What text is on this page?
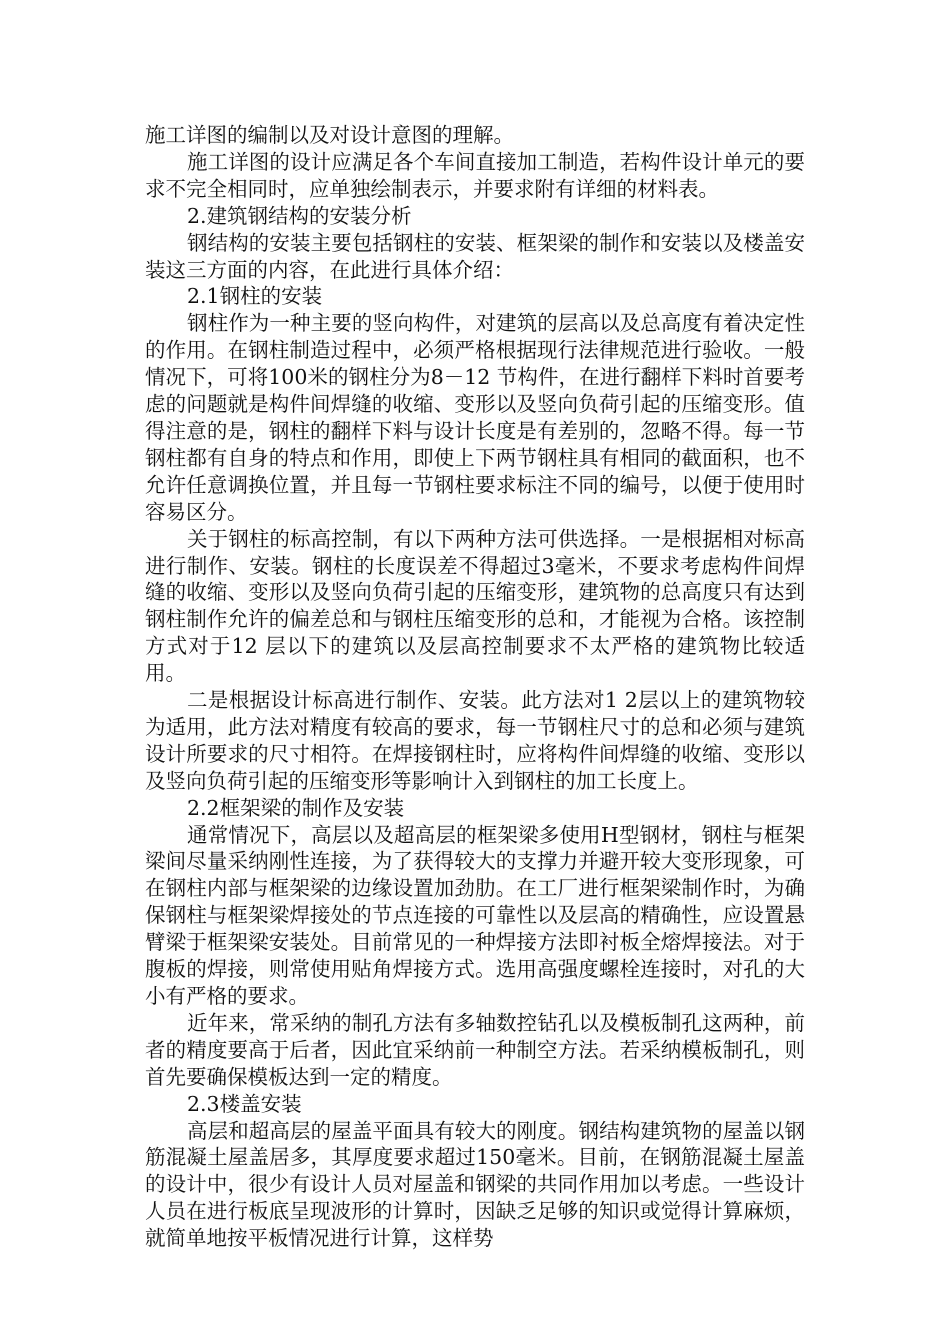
施工详图的编制以及对设计意图的理解。

施工详图的设计应满足各个车间直接加工制造，若构件设计单元的要求不完全相同时，应单独绘制表示，并要求附有详细的材料表。

2.建筑钢结构的安装分析

钢结构的安装主要包括钢柱的安装、框架梁的制作和安装以及楼盖安装这三方面的内容，在此进行具体介绍：

2.1钢柱的安装

钢柱作为一种主要的竖向构件，对建筑的层高以及总高度有着决定性的作用。在钢柱制造过程中，必须严格根据现行法律规范进行验收。一般情况下，可将100米的钢柱分为8－12 节构件，在进行翻样下料时首要考虑的问题就是构件间焊缝的收缩、变形以及竖向负荷引起的压缩变形。值得注意的是，钢柱的翻样下料与设计长度是有差别的，忽略不得。每一节钢柱都有自身的特点和作用，即使上下两节钢柱具有相同的截面积，也不允许任意调换位置，并且每一节钢柱要求标注不同的编号，以便于使用时容易区分。

关于钢柱的标高控制，有以下两种方法可供选择。一是根据相对标高进行制作、安装。钢柱的长度误差不得超过3毫米，不要求考虑构件间焊缝的收缩、变形以及竖向负荷引起的压缩变形，建筑物的总高度只有达到钢柱制作允许的偏差总和与钢柱压缩变形的总和，才能视为合格。该控制方式对于12 层以下的建筑以及层高控制要求不太严格的建筑物比较适用。

二是根据设计标高进行制作、安装。此方法对1 2层以上的建筑物较为适用，此方法对精度有较高的要求，每一节钢柱尺寸的总和必须与建筑设计所要求的尺寸相符。在焊接钢柱时，应将构件间焊缝的收缩、变形以及竖向负荷引起的压缩变形等影响计入到钢柱的加工长度上。

2.2框架梁的制作及安装

通常情况下，高层以及超高层的框架梁多使用H型钢材，钢柱与框架梁间尽量采纳刚性连接，为了获得较大的支撑力并避开较大变形现象，可在钢柱内部与框架梁的边缘设置加劲肋。在工厂进行框架梁制作时，为确保钢柱与框架梁焊接处的节点连接的可靠性以及层高的精确性，应设置悬臂梁于框架梁安装处。目前常见的一种焊接方法即衬板全熔焊接法。对于腹板的焊接，则常使用贴角焊接方式。选用高强度螺栓连接时，对孔的大小有严格的要求。

近年来，常采纳的制孔方法有多轴数控钻孔以及模板制孔这两种，前者的精度要高于后者，因此宜采纳前一种制空方法。若采纳模板制孔，则首先要确保模板达到一定的精度。

2.3楼盖安装

高层和超高层的屋盖平面具有较大的刚度。钢结构建筑物的屋盖以钢筋混凝土屋盖居多，其厚度要求超过150毫米。目前，在钢筋混凝土屋盖的设计中，很少有设计人员对屋盖和钢梁的共同作用加以考虑。一些设计人员在进行板底呈现波形的计算时，因缺乏足够的知识或觉得计算麻烦，就简单地按平板情况进行计算，这样势
